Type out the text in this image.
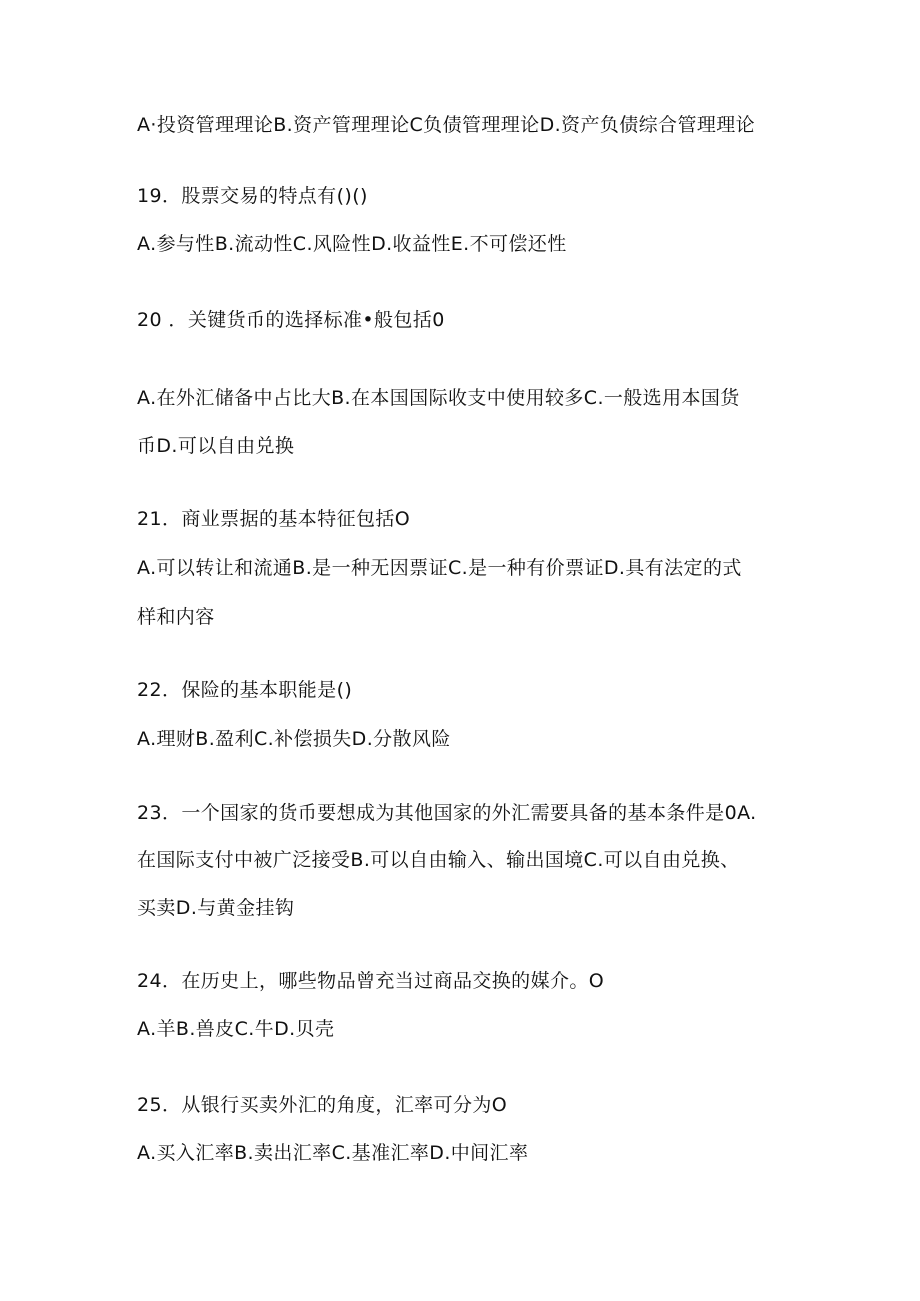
A·投资管理理论B.资产管理理论C负债管理理论D.资产负债综合管理理论
19．股票交易的特点有()()
A.参与性B.流动性C.风险性D.收益性E.不可偿还性
20 ．关键货币的选择标准•般包括0
A.在外汇储备中占比大B.在本国国际收支中使用较多C.一般选用本国货
币D.可以自由兑换
21．商业票据的基本特征包括O
A.可以转让和流通B.是一种无因票证C.是一种有价票证D.具有法定的式
样和内容
22．保险的基本职能是()
A.理财B.盈利C.补偿损失D.分散风险
23．一个国家的货币要想成为其他国家的外汇需要具备的基本条件是0A.
在国际支付中被广泛接受B.可以自由输入、输出国境C.可以自由兑换、
买卖D.与黄金挂钩
24．在历史上，哪些物品曾充当过商品交换的媒介。O
A.羊B.兽皮C.牛D.贝壳
25．从银行买卖外汇的角度，汇率可分为O
A.买入汇率B.卖出汇率C.基准汇率D.中间汇率
